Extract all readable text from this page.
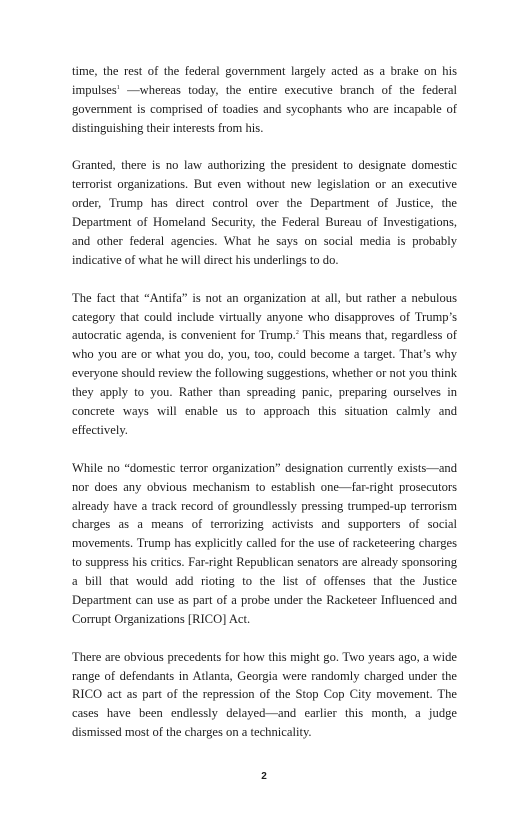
time, the rest of the federal government largely acted as a brake on his impulses$^1$ —whereas today, the entire executive branch of the federal government is comprised of toadies and sycophants who are incapable of distinguishing their interests from his.

Granted, there is no law authorizing the president to designate domestic terrorist organizations. But even without new legislation or an executive order, Trump has direct control over the Department of Justice, the Department of Homeland Security, the Federal Bureau of Investigations, and other federal agencies. What he says on social media is probably indicative of what he will direct his underlings to do.

The fact that “Antifa” is not an organization at all, but rather a nebulous category that could include virtually anyone who disapproves of Trump’s autocratic agenda, is convenient for Trump.$^2$ This means that, regardless of who you are or what you do, you, too, could become a target. That’s why everyone should review the following suggestions, whether or not you think they apply to you. Rather than spreading panic, preparing ourselves in concrete ways will enable us to approach this situation calmly and effectively.

While no “domestic terror organization” designation currently exists—and nor does any obvious mechanism to establish one—far-right prosecutors already have a track record of groundlessly pressing trumped-up terrorism charges as a means of terrorizing activists and supporters of social movements. Trump has explicitly called for the use of racketeering charges to suppress his critics. Far-right Republican senators are already sponsoring a bill that would add rioting to the list of offenses that the Justice Department can use as part of a probe under the Racketeer Influenced and Corrupt Organizations [RICO] Act.

There are obvious precedents for how this might go. Two years ago, a wide range of defendants in Atlanta, Georgia were randomly charged under the RICO act as part of the repression of the Stop Cop City movement. The cases have been endlessly delayed—and earlier this month, a judge dismissed most of the charges on a technicality.

2
